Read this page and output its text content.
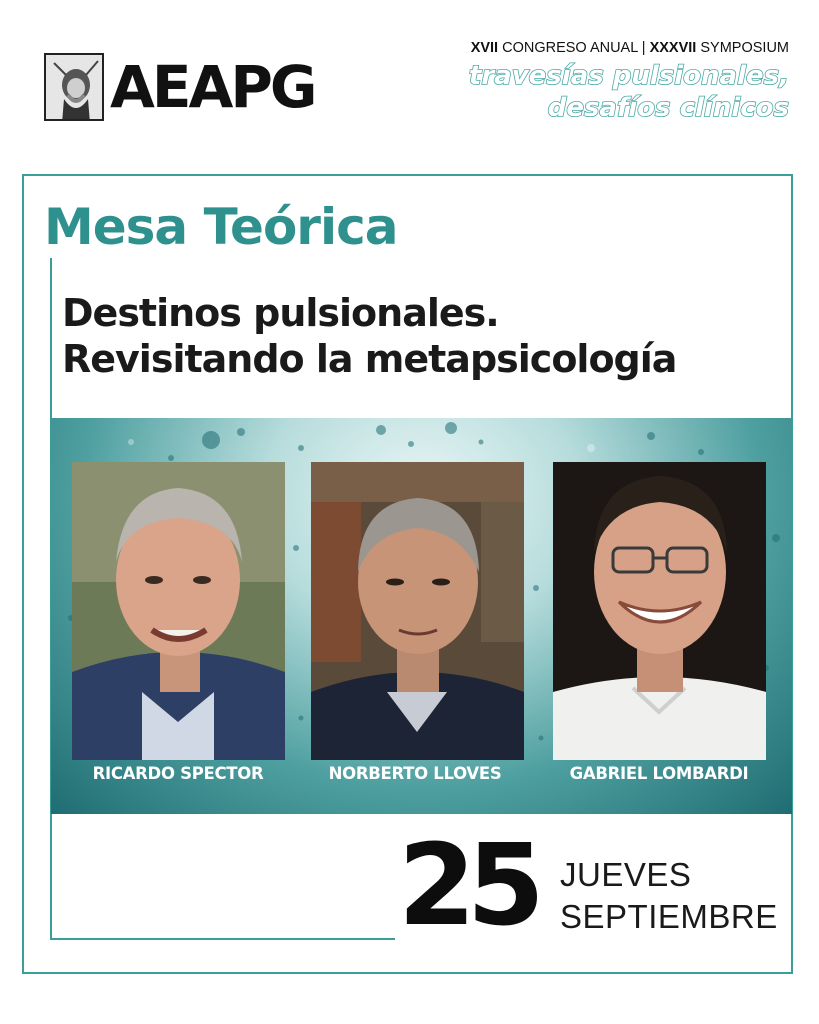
AEAPG
XVII CONGRESO ANUAL | XXXVII SYMPOSIUM
travesías pulsionales,
desafíos clínicos
Mesa Teórica
Destinos pulsionales.
Revisitando la metapsicología
RICARDO SPECTOR	NORBERTO LLOVES	GABRIEL LOMBARDI
25 JUEVES
SEPTIEMBRE
